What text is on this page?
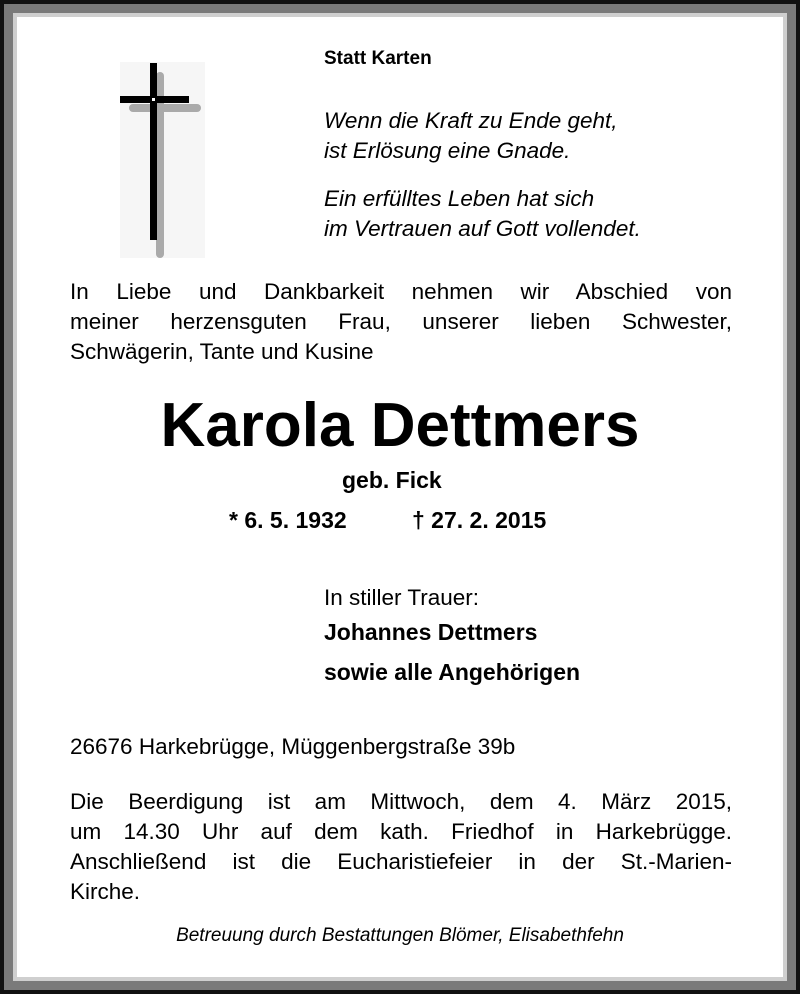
Statt Karten
Wenn die Kraft zu Ende geht,
ist Erlösung eine Gnade.
Ein erfülltes Leben hat sich
im Vertrauen auf Gott vollendet.
In Liebe und Dankbarkeit nehmen wir Abschied von
meiner herzensguten Frau, unserer lieben Schwester,
Schwägerin, Tante und Kusine
Karola Dettmers
geb. Fick
* 6. 5. 1932	† 27. 2. 2015
In stiller Trauer:
Johannes Dettmers
sowie alle Angehörigen
26676 Harkebrügge, Müggenbergstraße 39b
Die Beerdigung ist am Mittwoch, dem 4. März 2015,
um 14.30 Uhr auf dem kath. Friedhof in Harkebrügge.
Anschließend ist die Eucharistiefeier in der St.-Marien-
Kirche.
Betreuung durch Bestattungen Blömer, Elisabethfehn
